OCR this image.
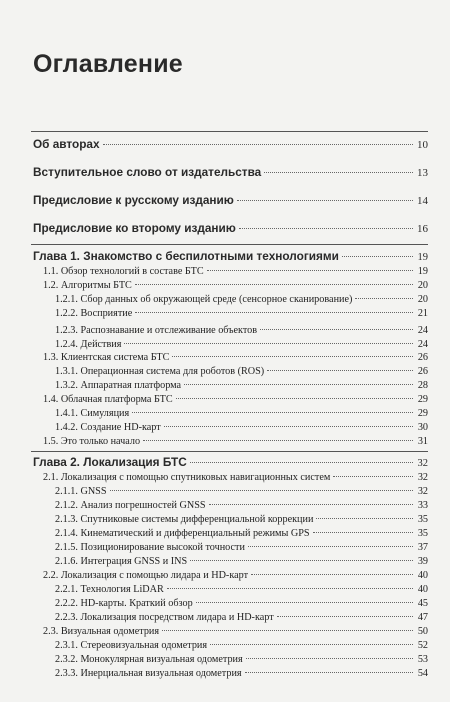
Оглавление
Об авторах	10
Вступительное слово от издательства	13
Предисловие к русскому изданию	14
Предисловие ко второму изданию	16
Глава 1. Знакомство с беспилотными технологиями	19
1.1. Обзор технологий в составе БТС	19
1.2. Алгоритмы БТС	20
1.2.1. Сбор данных об окружающей среде (сенсорное сканирование)	20
1.2.2. Восприятие	21
1.2.3. Распознавание и отслеживание объектов	24
1.2.4. Действия	24
1.3. Клиентская система БТС	26
1.3.1. Операционная система для роботов (ROS)	26
1.3.2. Аппаратная платформа	28
1.4. Облачная платформа БТС	29
1.4.1. Симуляция	29
1.4.2. Создание HD-карт	30
1.5. Это только начало	31
Глава 2. Локализация БТС	32
2.1. Локализация с помощью спутниковых навигационных систем	32
2.1.1. GNSS	32
2.1.2. Анализ погрешностей GNSS	33
2.1.3. Спутниковые системы дифференциальной коррекции	35
2.1.4. Кинематический и дифференциальный режимы GPS	35
2.1.5. Позиционирование высокой точности	37
2.1.6. Интеграция GNSS и INS	39
2.2. Локализация с помощью лидара и HD-карт	40
2.2.1. Технология LiDAR	40
2.2.2. HD-карты. Краткий обзор	45
2.2.3. Локализация посредством лидара и HD-карт	47
2.3. Визуальная одометрия	50
2.3.1. Стереовизуальная одометрия	52
2.3.2. Монокулярная визуальная одометрия	53
2.3.3. Инерциальная визуальная одометрия	54
